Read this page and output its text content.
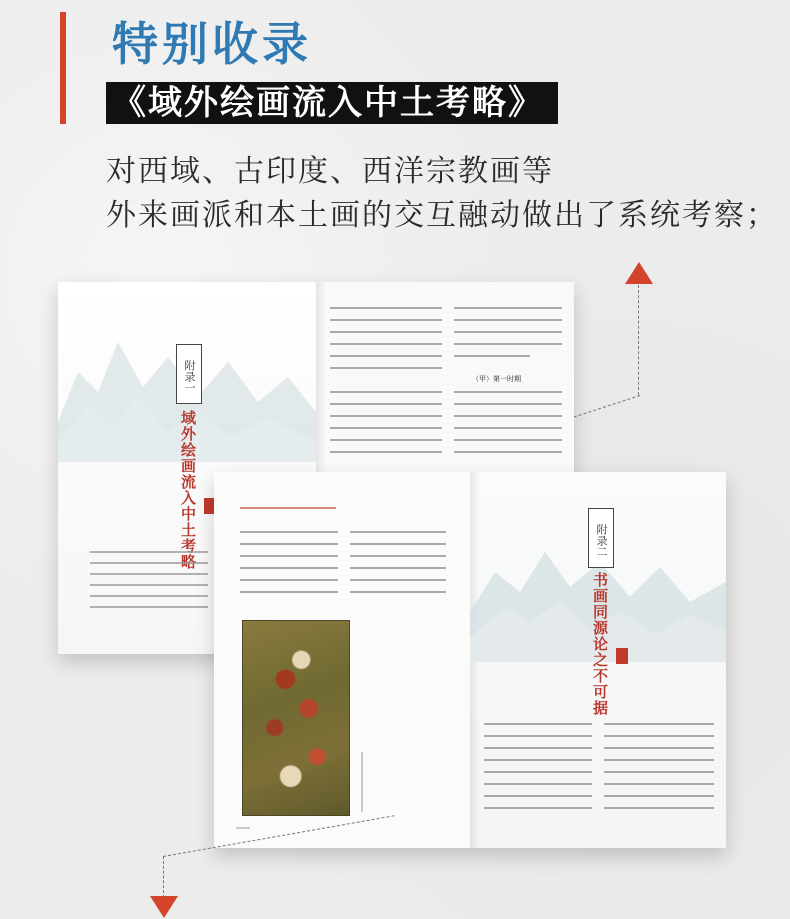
特别收录
《域外绘画流入中土考略》
对西域、古印度、西洋宗教画等
外来画派和本土画的交互融动做出了系统考察；
附录一
域外绘画流入中土考略
（甲）第一时期
附录二
书画同源论之不可据
